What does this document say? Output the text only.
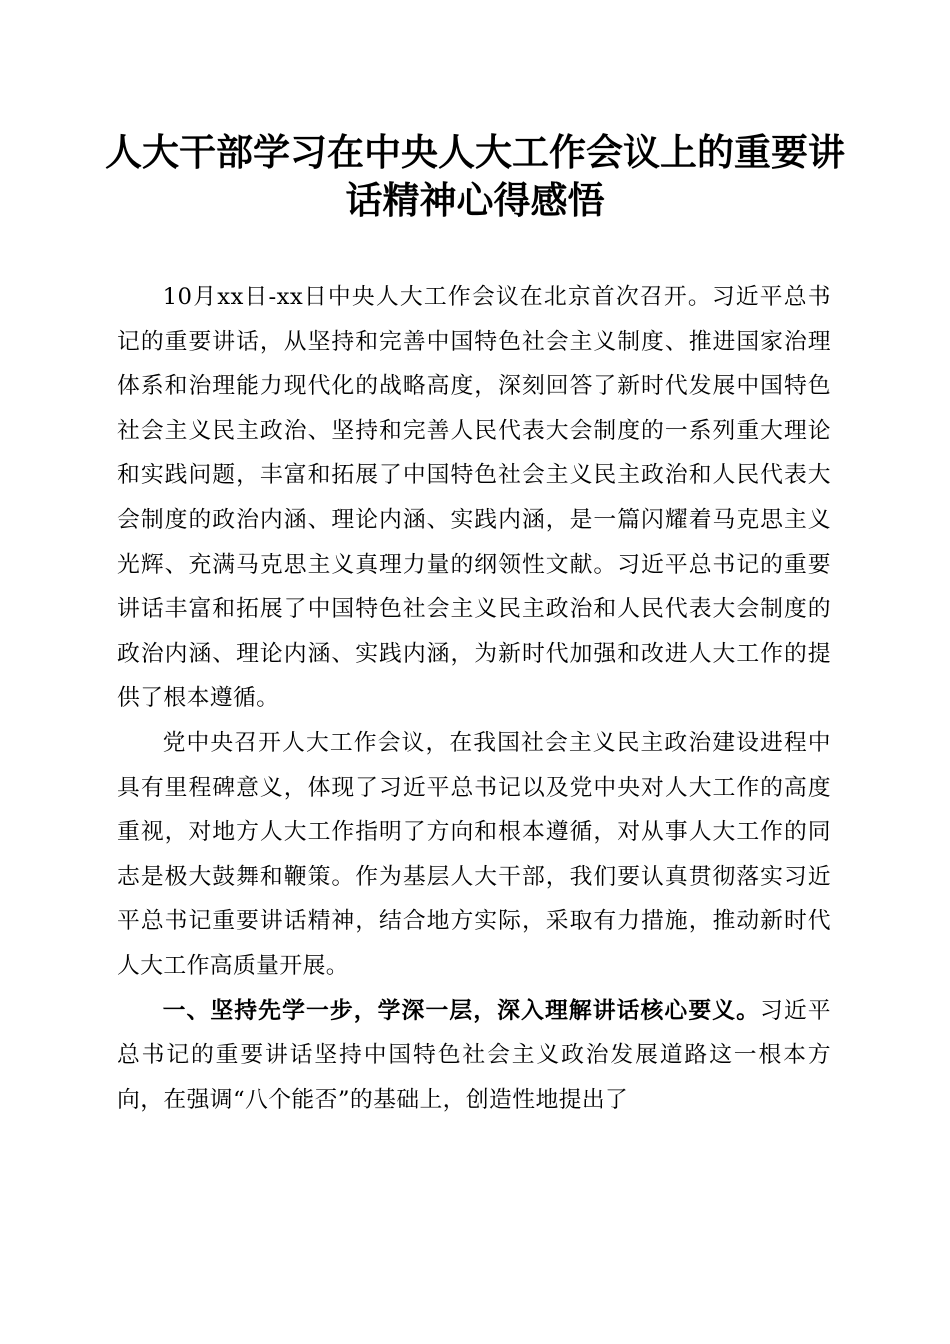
人大干部学习在中央人大工作会议上的重要讲话精神心得感悟

10月xx日-xx日中央人大工作会议在北京首次召开。习近平总书记的重要讲话，从坚持和完善中国特色社会主义制度、推进国家治理体系和治理能力现代化的战略高度，深刻回答了新时代发展中国特色社会主义民主政治、坚持和完善人民代表大会制度的一系列重大理论和实践问题，丰富和拓展了中国特色社会主义民主政治和人民代表大会制度的政治内涵、理论内涵、实践内涵，是一篇闪耀着马克思主义光辉、充满马克思主义真理力量的纲领性文献。习近平总书记的重要讲话丰富和拓展了中国特色社会主义民主政治和人民代表大会制度的政治内涵、理论内涵、实践内涵，为新时代加强和改进人大工作的提供了根本遵循。

党中央召开人大工作会议，在我国社会主义民主政治建设进程中具有里程碑意义，体现了习近平总书记以及党中央对人大工作的高度重视，对地方人大工作指明了方向和根本遵循，对从事人大工作的同志是极大鼓舞和鞭策。作为基层人大干部，我们要认真贯彻落实习近平总书记重要讲话精神，结合地方实际，采取有力措施，推动新时代人大工作高质量开展。

一、坚持先学一步，学深一层，深入理解讲话核心要义。习近平总书记的重要讲话坚持中国特色社会主义政治发展道路这一根本方向，在强调“八个能否”的基础上，创造性地提出了
